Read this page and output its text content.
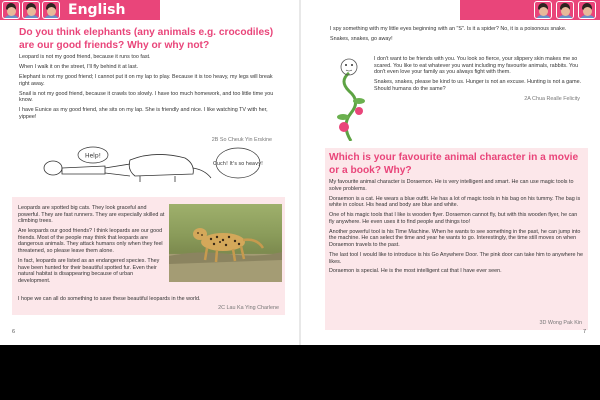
English
Do you think elephants (any animals e.g. crocodiles) are our good friends? Why or why not?

Leopard is not my good friend, because it runs too fast.

When I walk it on the street, I'll fly behind it at last.

Elephant is not my good friend; I cannot put it on my lap to play. Because it is too heavy, my legs will break right away.

Snail is not my good friend, because it crawls too slowly. I have too much homework, and too little time you know.

I have Eunice as my good friend, she sits on my lap. She is friendly and nice. I like watching TV with her, yippee!

2B So Cheuk Yin Erskine
Help!
Ouch! It's so heavy!

Leopards are spotted big cats. They look graceful and powerful. They are fast runners. They are especially skilled at climbing trees.

Are leopards our good friends? I think leopards are our good friends. Most of the people may think that leopards are dangerous animals. They attack humans only when they feel threatened, so please leave them alone.

In fact, leopards are listed as an endangered species. They have been hunted for their beautiful spotted fur. Even their natural habitat is disappearing because of urban development.

I hope we can all do something to save these beautiful leopards in the world.

2C Lau Ka Ying Charlene
6

I spy something with my little eyes beginning with an "S". Is it a spider? No, it is a poisonous snake.

Snakes, snakes, go away!

I don't want to be friends with you. You look so fierce, your slippery skin makes me so scared. You like to eat whatever you want including my favourite animals, rabbits. You don't even love your family as you always fight with them.

Snakes, snakes, please be kind to us. Hunger is not an excuse. Hunting is not a game. Should humans do the same?

2A Chua Realle Felicity
Which is your favourite animal character in a movie or a book? Why?

My favourite animal character is Doraemon. He is very intelligent and smart. He can use magic tools to solve problems.

Doraemon is a cat. He wears a blue outfit. He has a lot of magic tools in his bag on his tummy. The bag is white in colour. His head and body are blue and white.

One of his magic tools that I like is wooden flyer. Doraemon cannot fly, but with this wooden flyer, he can fly anywhere. He even uses it to find people and things too!

Another powerful tool is his Time Machine. When he wants to see something in the past, he can jump into the machine. He can select the time and year he wants to go. Interestingly, the time still moves on when Doraemon travels to the past.

The last tool I would like to introduce is his Go Anywhere Door. The pink door can take him to anywhere he likes.

Doraemon is special. He is the most intelligent cat that I have ever seen.

3D Wong Pak Kin
7
